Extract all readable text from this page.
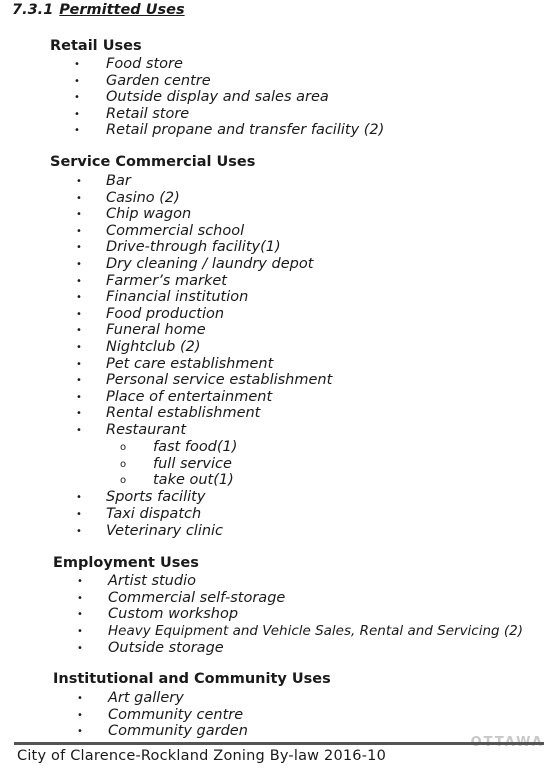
7.3.1 Permitted Uses
Retail Uses
• Food store
• Garden centre
• Outside display and sales area
• Retail store
• Retail propane and transfer facility (2)
Service Commercial Uses
• Bar
• Casino (2)
• Chip wagon
• Commercial school
• Drive-through facility(1)
• Dry cleaning / laundry depot
• Farmer’s market
• Financial institution
• Food production
• Funeral home
• Nightclub (2)
• Pet care establishment
• Personal service establishment
• Place of entertainment
• Rental establishment
• Restaurant
o fast food(1)
o full service
o take out(1)
• Sports facility
• Taxi dispatch
• Veterinary clinic
Employment Uses
• Artist studio
• Commercial self-storage
• Custom workshop
• Heavy Equipment and Vehicle Sales, Rental and Servicing (2)
• Outside storage
Institutional and Community Uses
• Art gallery
• Community centre
• Community garden
City of Clarence-Rockland Zoning By-law 2016-10
